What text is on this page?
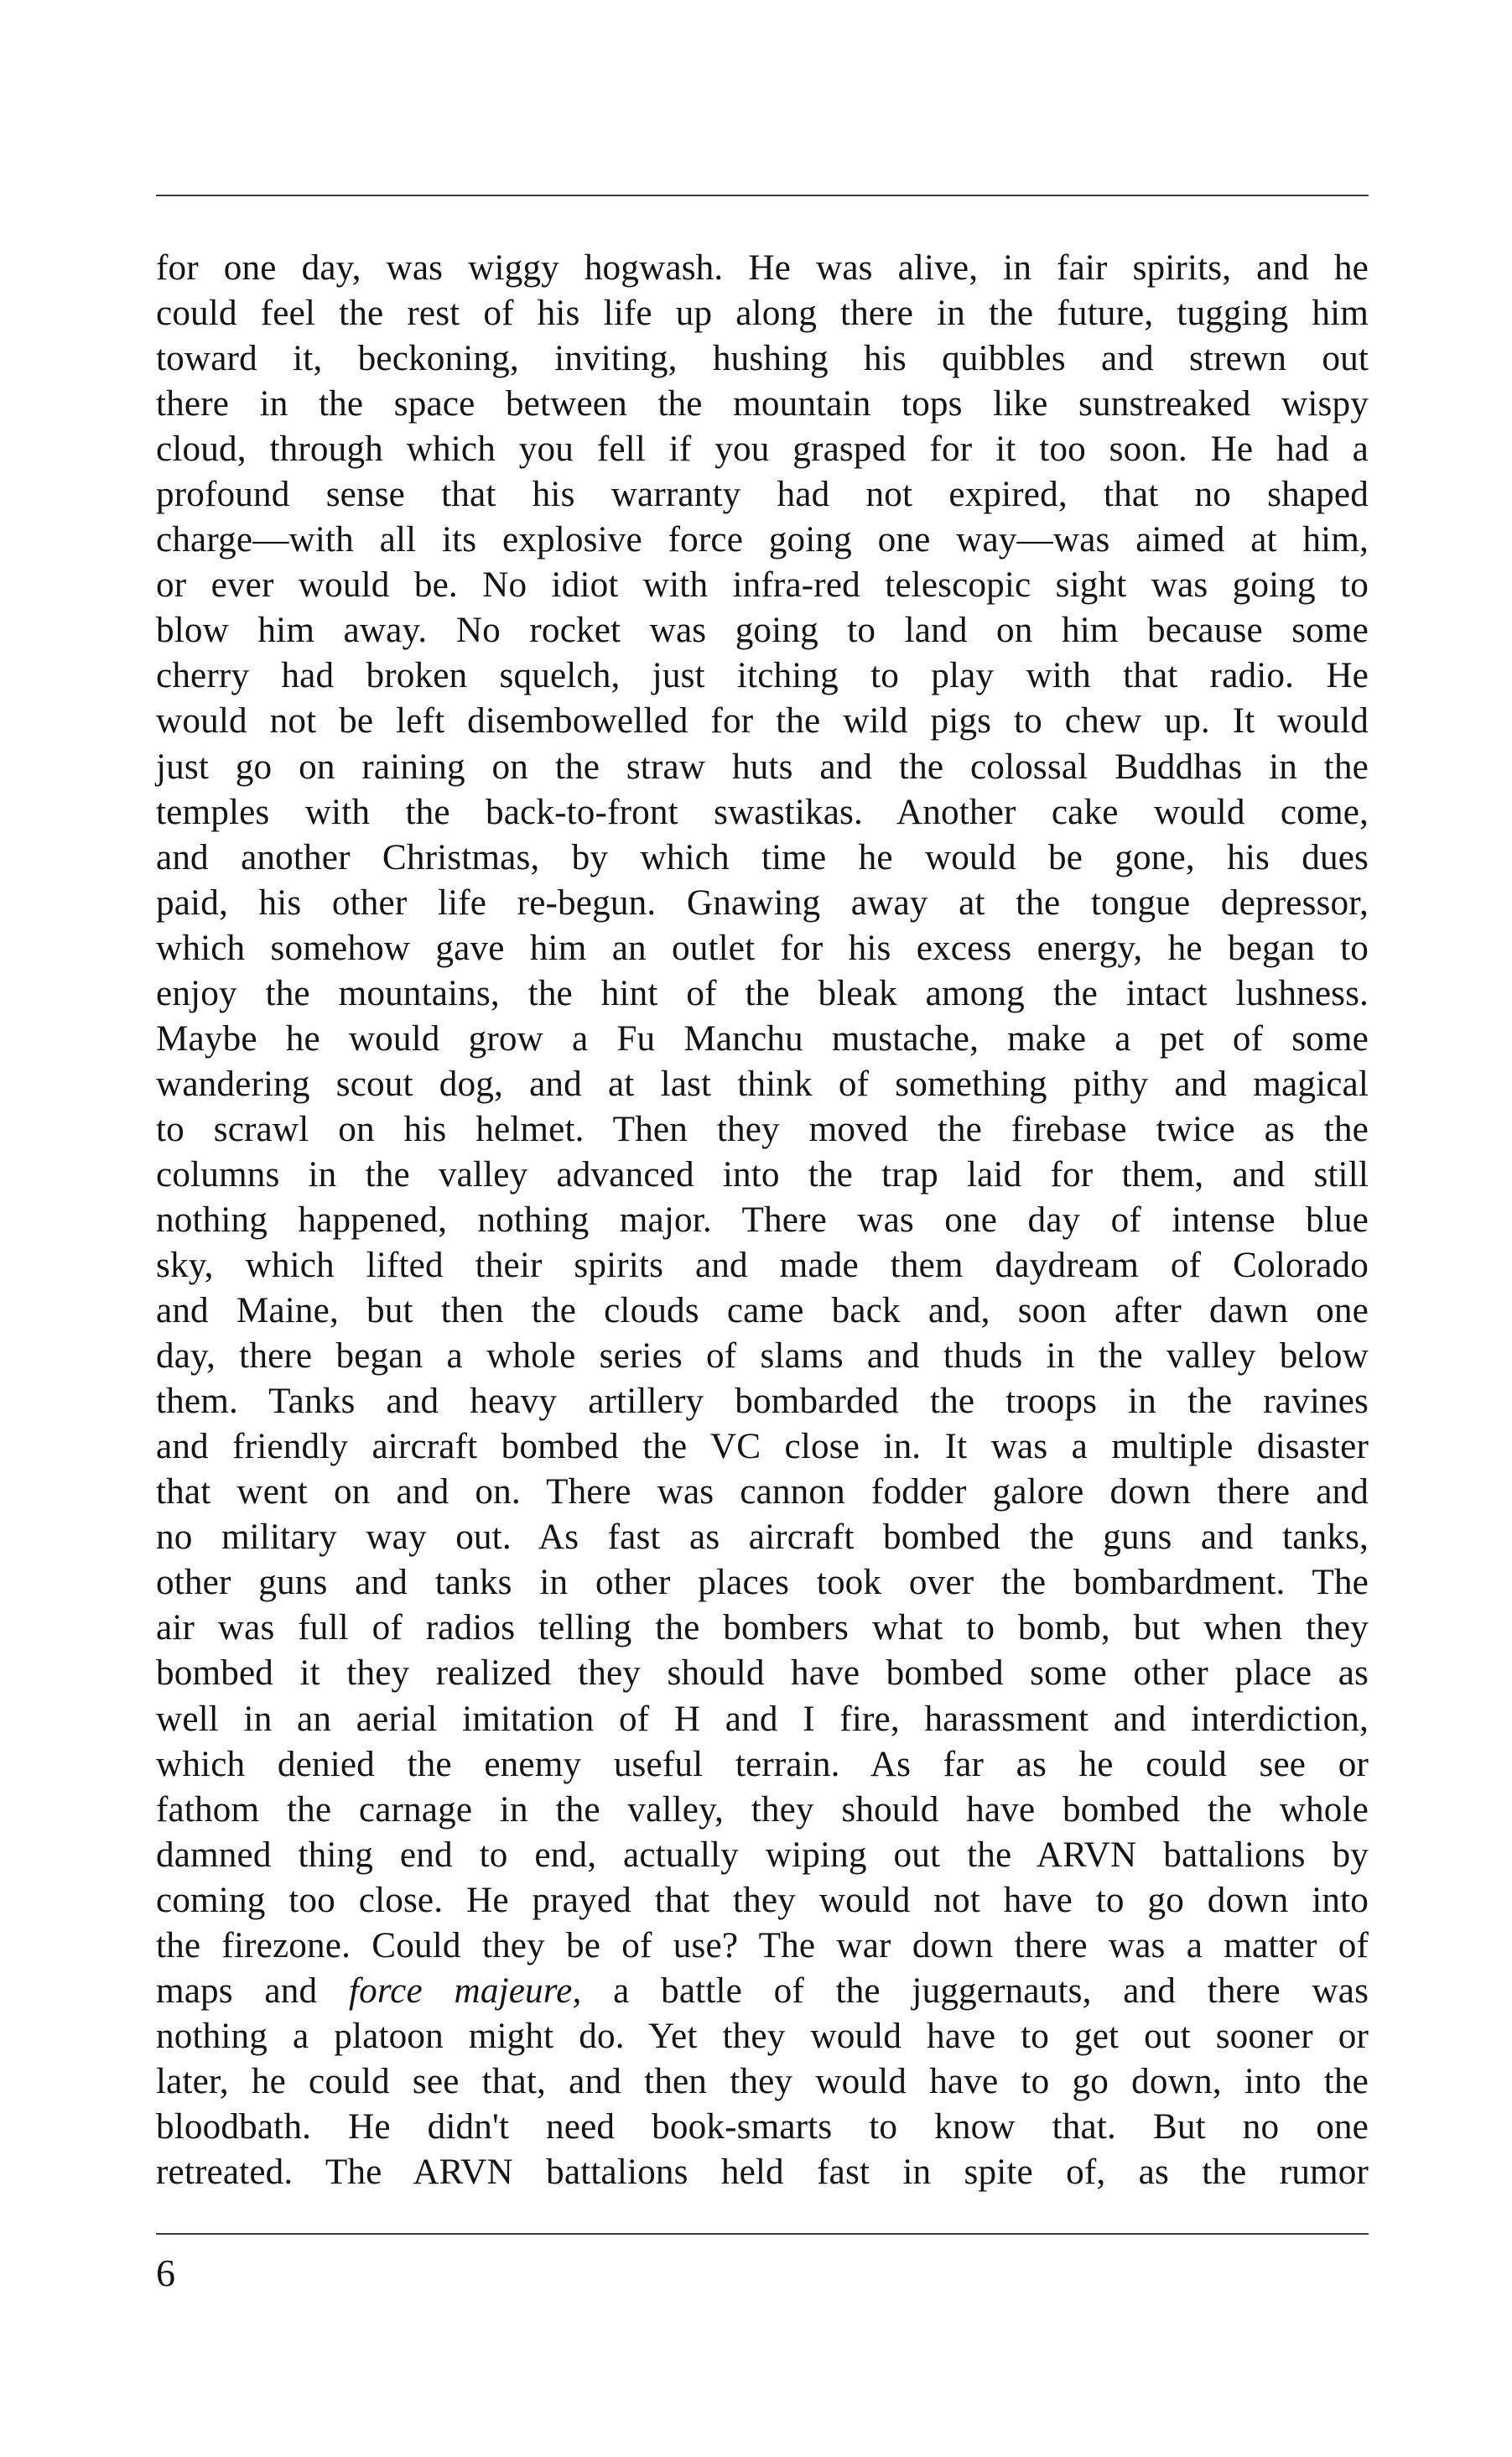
for one day, was wiggy hogwash. He was alive, in fair spirits, and he
could feel the rest of his life up along there in the future, tugging him
toward it, beckoning, inviting, hushing his quibbles and strewn out
there in the space between the mountain tops like sunstreaked wispy
cloud, through which you fell if you grasped for it too soon. He had a
profound sense that his warranty had not expired, that no shaped
charge—with all its explosive force going one way—was aimed at him,
or ever would be. No idiot with infra-red telescopic sight was going to
blow him away. No rocket was going to land on him because some
cherry had broken squelch, just itching to play with that radio. He
would not be left disembowelled for the wild pigs to chew up. It would
just go on raining on the straw huts and the colossal Buddhas in the
temples with the back-to-front swastikas. Another cake would come,
and another Christmas, by which time he would be gone, his dues
paid, his other life re-begun. Gnawing away at the tongue depressor,
which somehow gave him an outlet for his excess energy, he began to
enjoy the mountains, the hint of the bleak among the intact lushness.
Maybe he would grow a Fu Manchu mustache, make a pet of some
wandering scout dog, and at last think of something pithy and magical
to scrawl on his helmet. Then they moved the firebase twice as the
columns in the valley advanced into the trap laid for them, and still
nothing happened, nothing major. There was one day of intense blue
sky, which lifted their spirits and made them daydream of Colorado
and Maine, but then the clouds came back and, soon after dawn one
day, there began a whole series of slams and thuds in the valley below
them. Tanks and heavy artillery bombarded the troops in the ravines
and friendly aircraft bombed the VC close in. It was a multiple disaster
that went on and on. There was cannon fodder galore down there and
no military way out. As fast as aircraft bombed the guns and tanks,
other guns and tanks in other places took over the bombardment. The
air was full of radios telling the bombers what to bomb, but when they
bombed it they realized they should have bombed some other place as
well in an aerial imitation of H and I fire, harassment and interdiction,
which denied the enemy useful terrain. As far as he could see or
fathom the carnage in the valley, they should have bombed the whole
damned thing end to end, actually wiping out the ARVN battalions by
coming too close. He prayed that they would not have to go down into
the firezone. Could they be of use? The war down there was a matter of
maps and force majeure, a battle of the juggernauts, and there was
nothing a platoon might do. Yet they would have to get out sooner or
later, he could see that, and then they would have to go down, into the
bloodbath. He didn't need book-smarts to know that. But no one
retreated. The ARVN battalions held fast in spite of, as the rumor
6
